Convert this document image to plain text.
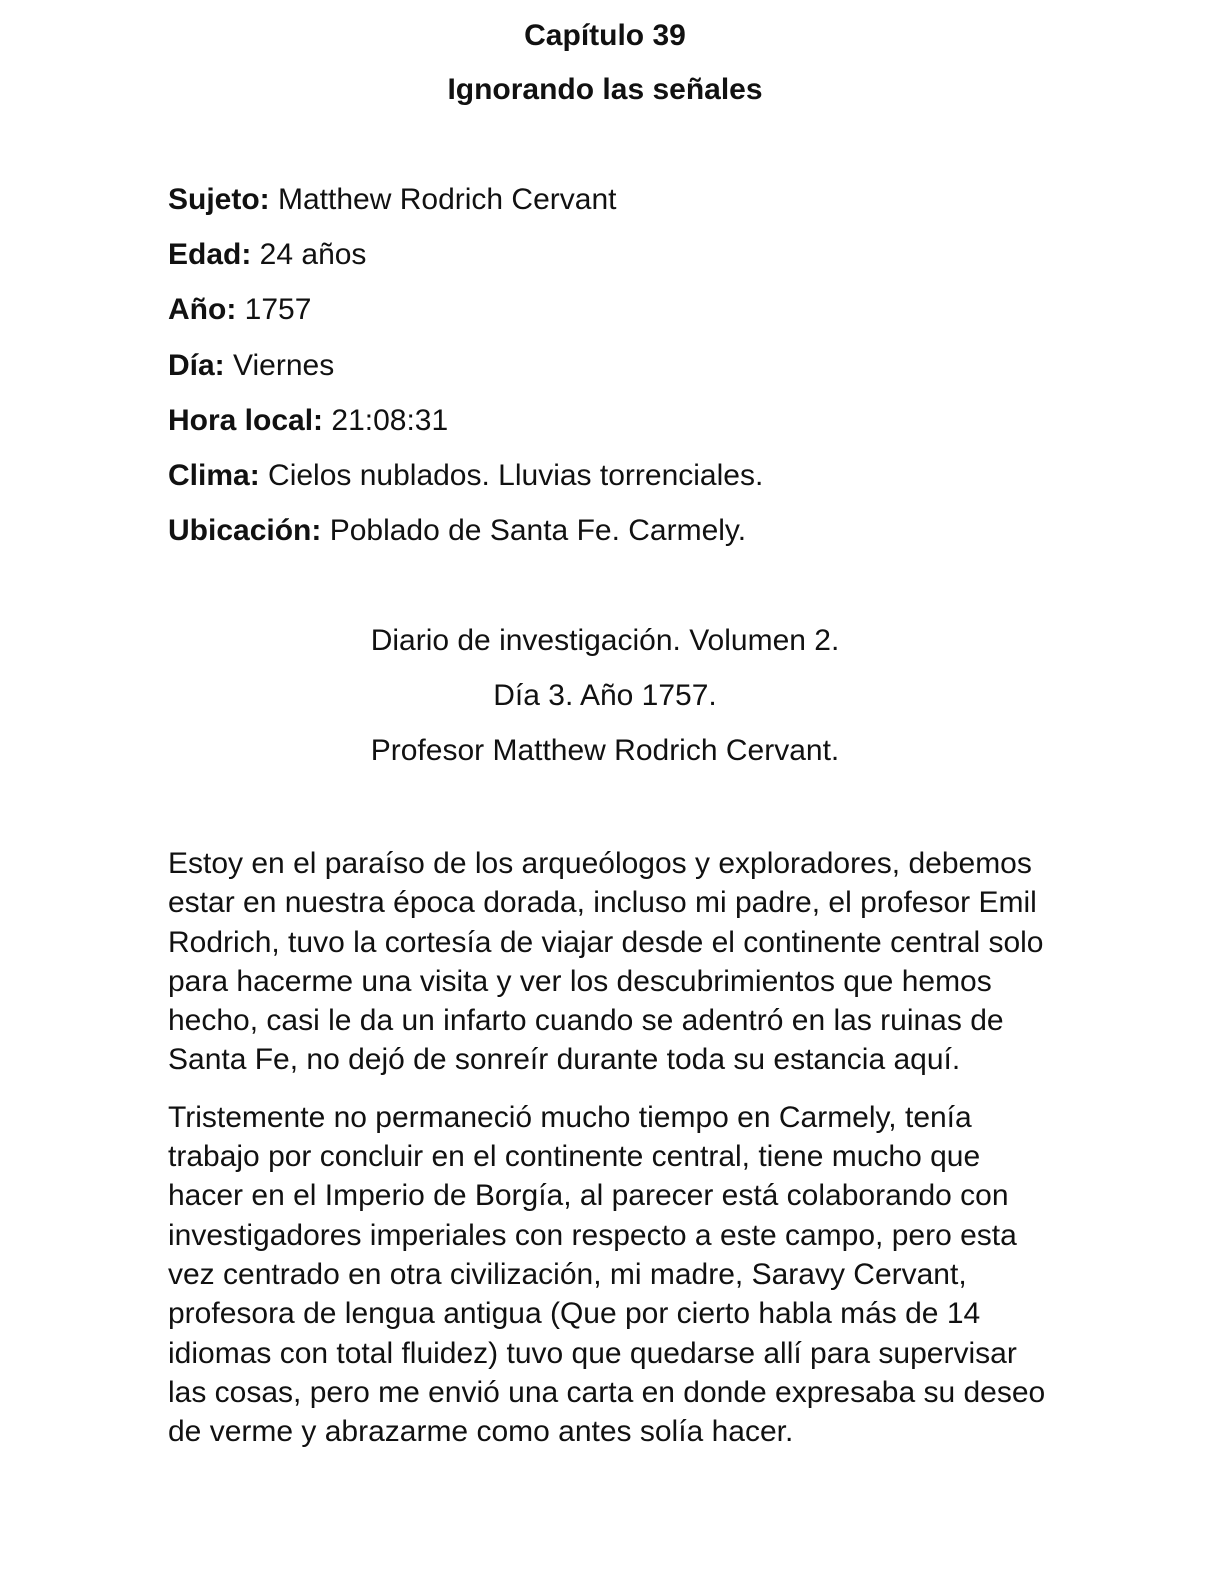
Capítulo 39
Ignorando las señales
Sujeto: Matthew Rodrich Cervant
Edad: 24 años
Año: 1757
Día: Viernes
Hora local: 21:08:31
Clima: Cielos nublados. Lluvias torrenciales.
Ubicación: Poblado de Santa Fe. Carmely.
Diario de investigación. Volumen 2.
Día 3. Año 1757.
Profesor Matthew Rodrich Cervant.

Estoy en el paraíso de los arqueólogos y exploradores, debemos estar en nuestra época dorada, incluso mi padre, el profesor Emil Rodrich, tuvo la cortesía de viajar desde el continente central solo para hacerme una visita y ver los descubrimientos que hemos hecho, casi le da un infarto cuando se adentró en las ruinas de Santa Fe, no dejó de sonreír durante toda su estancia aquí.

Tristemente no permaneció mucho tiempo en Carmely, tenía trabajo por concluir en el continente central, tiene mucho que hacer en el Imperio de Borgía, al parecer está colaborando con investigadores imperiales con respecto a este campo, pero esta vez centrado en otra civilización, mi madre, Saravy Cervant, profesora de lengua antigua (Que por cierto habla más de 14 idiomas con total fluidez) tuvo que quedarse allí para supervisar las cosas, pero me envió una carta en donde expresaba su deseo de verme y abrazarme como antes solía hacer.
